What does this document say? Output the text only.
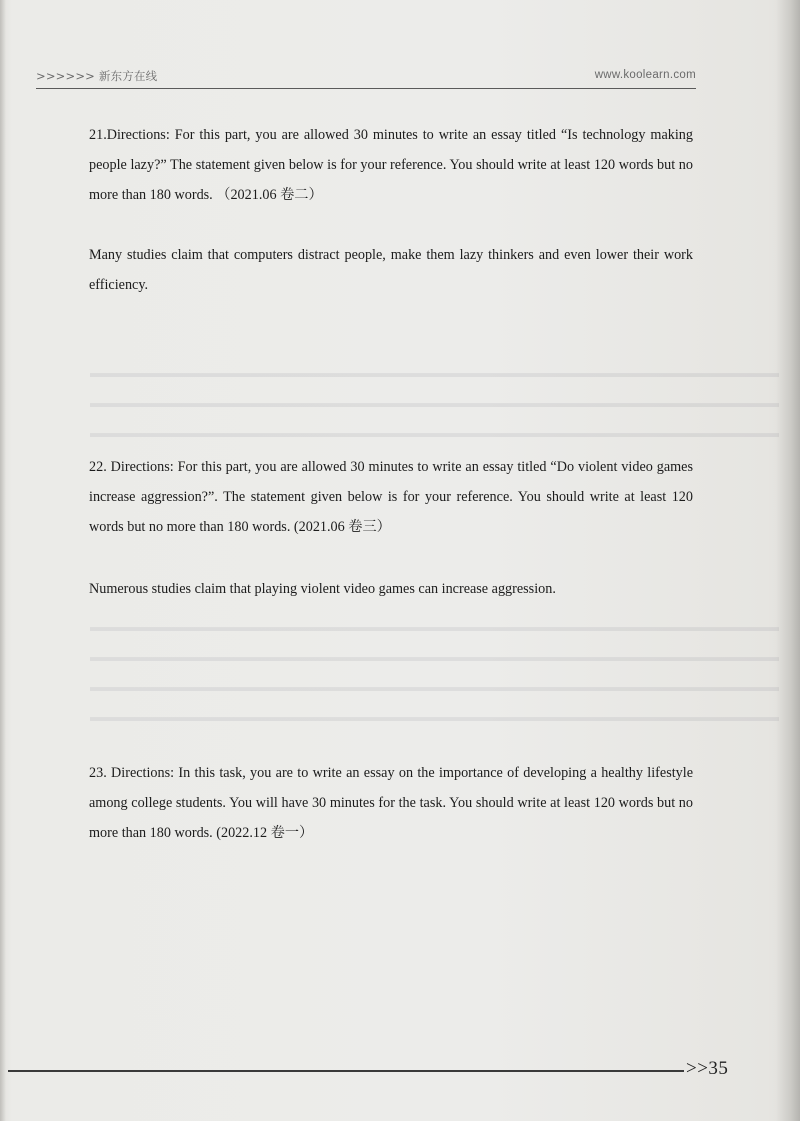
▬▬▬▬▬▬▬▬▬▬▬▬▬▬▬▬▬▬▬▬▬▬▬▬▬▬▬▬▬▬▬▬▬▬▬▬▬▬▬▬▬▬▬▬▬▬▬▬▬▬▬▬▬
▬▬▬▬▬▬▬▬▬▬▬▬▬▬▬▬▬▬▬▬▬▬▬▬▬▬▬▬▬▬▬▬▬▬▬▬▬▬▬▬▬▬▬▬▬▬▬▬▬▬▬▬▬
▬▬▬▬▬▬▬▬▬▬▬▬▬▬▬▬▬▬▬▬▬▬▬▬▬▬▬▬▬▬▬▬▬▬▬▬▬▬▬▬▬▬▬▬▬▬▬▬▬▬▬▬▬
▬▬▬▬▬▬▬▬▬▬▬▬▬▬▬▬▬▬▬▬▬▬▬▬▬▬▬▬▬▬▬▬▬▬▬▬▬▬▬▬▬▬▬▬▬▬▬▬▬▬▬▬▬
▬▬▬▬▬▬▬▬▬▬▬▬▬▬▬▬▬▬▬▬▬▬▬▬▬▬▬▬▬▬▬▬▬▬▬▬▬▬▬▬▬▬▬▬▬▬▬▬▬▬▬▬▬
▬▬▬▬▬▬▬▬▬▬▬▬▬▬▬▬▬▬▬▬▬▬▬▬▬▬▬▬▬▬▬▬▬▬▬▬▬▬▬▬▬▬▬▬▬▬▬▬▬▬▬▬▬
▬▬▬▬▬▬▬▬▬▬▬▬▬▬▬▬▬▬▬▬▬▬▬▬▬▬▬▬▬▬▬▬▬▬▬▬▬▬▬▬▬▬▬▬▬▬▬▬▬▬▬▬▬
>>>>>> 新东方在线	www.koolearn.com

21.Directions: For this part, you are allowed 30 minutes to write an essay titled “Is technology making people lazy?” The statement given below is for your reference. You should write at least 120 words but no more than 180 words. （2021.06 卷二）

Many studies claim that computers distract people, make them lazy thinkers and even lower their work efficiency.

22. Directions: For this part, you are allowed 30 minutes to write an essay titled “Do violent video games increase aggression?”. The statement given below is for your reference. You should write at least 120 words but no more than 180 words. (2021.06 卷三）

Numerous studies claim that playing violent video games can increase aggression.

23. Directions: In this task, you are to write an essay on the importance of developing a healthy lifestyle among college students. You will have 30 minutes for the task. You should write at least 120 words but no more than 180 words. (2022.12 卷一）

>>35
